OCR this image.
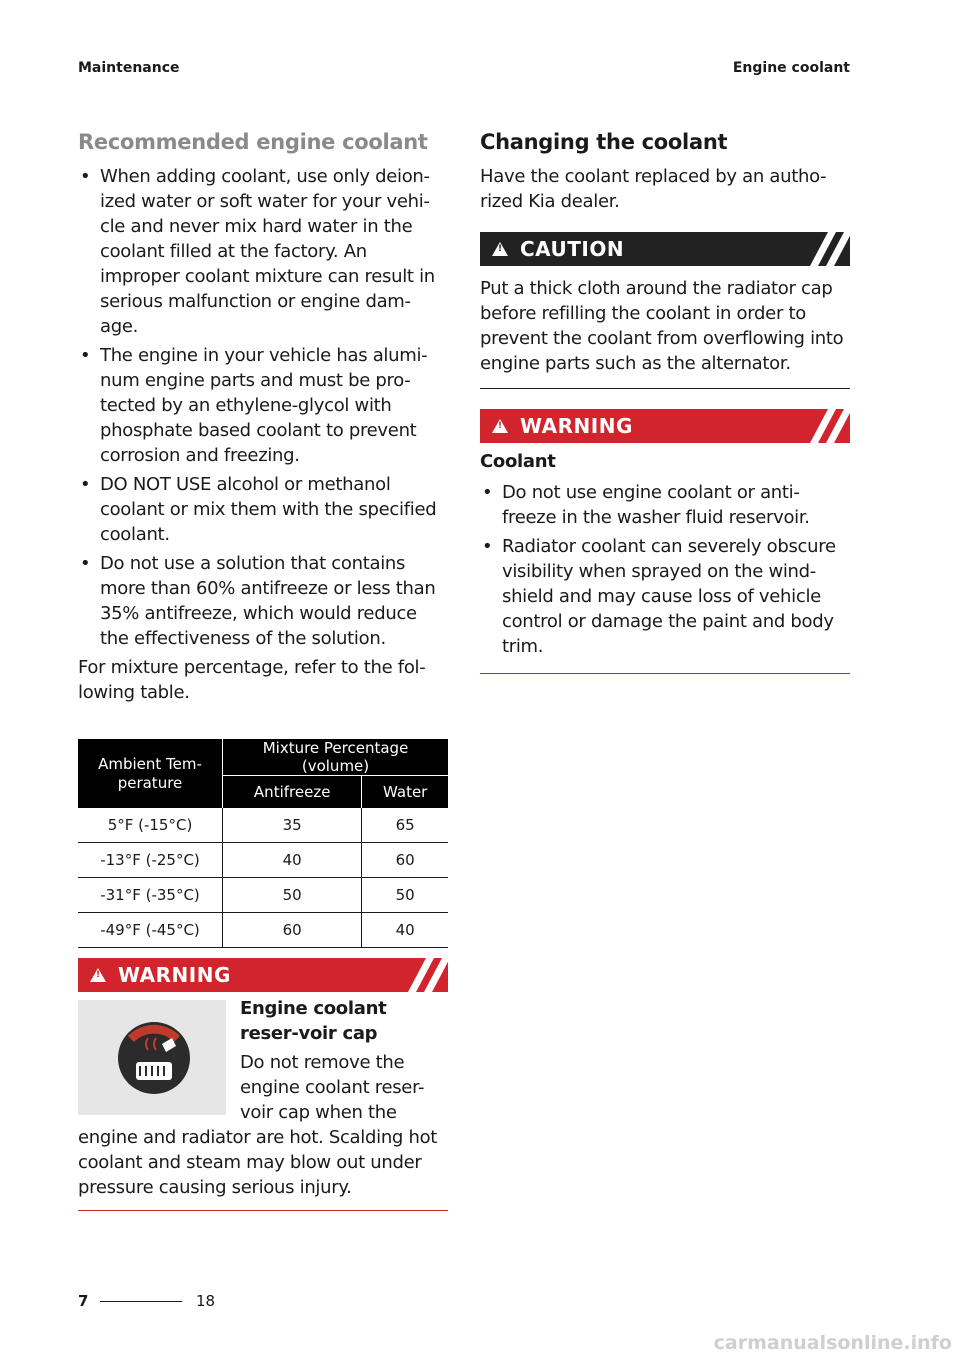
Maintenance	Engine coolant
Recommended engine coolant
• When adding coolant, use only deion-ized water or soft water for your vehi-cle and never mix hard water in the coolant filled at the factory. An improper coolant mixture can result in serious malfunction or engine dam-age.
• The engine in your vehicle has alumi-num engine parts and must be pro-tected by an ethylene-glycol with phosphate based coolant to prevent corrosion and freezing.
• DO NOT USE alcohol or methanol coolant or mix them with the specified coolant.
• Do not use a solution that contains more than 60% antifreeze or less than 35% antifreeze, which would reduce the effectiveness of the solution.

For mixture percentage, refer to the fol-lowing table.

Ambient Tem-perature	Mixture Percentage (volume)	
	Antifreeze	Water
5°F (-15°C)	35	65
-13°F (-25°C)	40	60
-31°F (-35°C)	50	50
-49°F (-45°C)	60	40
!
WARNING
Engine coolant reser-voir cap
Do not remove the engine coolant reser-voir cap when the engine and radiator are hot. Scalding hot coolant and steam may blow out under pressure causing serious injury.
Changing the coolant

Have the coolant replaced by an autho-rized Kia dealer.

!
CAUTION

Put a thick cloth around the radiator cap before refilling the coolant in order to prevent the coolant from overflowing into engine parts such as the alternator.

!
WARNING
Coolant
• Do not use engine coolant or anti-freeze in the washer fluid reservoir.
• Radiator coolant can severely obscure visibility when sprayed on the wind-shield and may cause loss of vehicle control or damage the paint and body trim.
7	18
carmanualsonline.info
